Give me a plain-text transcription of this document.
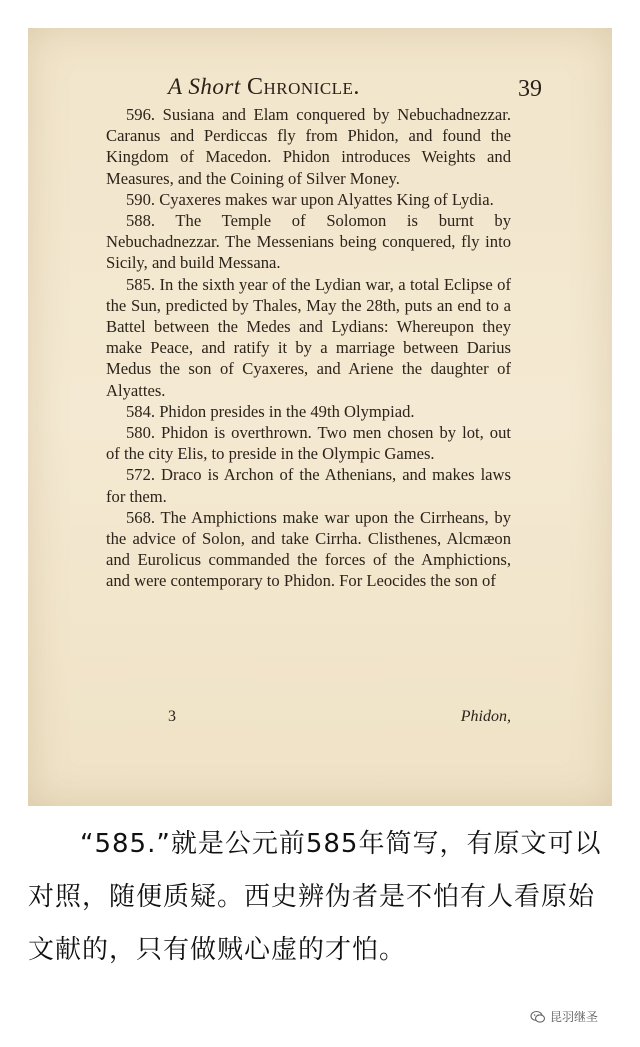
A Short Chronicle.	39

596. Susiana and Elam conquered by Nebuchadnezzar. Caranus and Perdiccas fly from Phidon, and found the Kingdom of Macedon. Phidon introduces Weights and Measures, and the Coining of Silver Money.

590. Cyaxeres makes war upon Alyattes King of Lydia.

588. The Temple of Solomon is burnt by Nebuchadnezzar. The Messenians being conquered, fly into Sicily, and build Messana.

585. In the sixth year of the Lydian war, a total Eclipse of the Sun, predicted by Thales, May the 28th, puts an end to a Battel between the Medes and Lydians: Whereupon they make Peace, and ratify it by a marriage between Darius Medus the son of Cyaxeres, and Ariene the daughter of Alyattes.

584. Phidon presides in the 49th Olympiad.

580. Phidon is overthrown. Two men chosen by lot, out of the city Elis, to preside in the Olympic Games.

572. Draco is Archon of the Athenians, and makes laws for them.

568. The Amphictions make war upon the Cirrheans, by the advice of Solon, and take Cirrha. Clisthenes, Alcmæon and Eurolicus commanded the forces of the Amphictions, and were contemporary to Phidon. For Leocides the son of

3	Phidon,
“585.”就是公元前585年简写，有原文可以对照，随便质疑。西史辨伪者是不怕有人看原始文献的，只有做贼心虚的才怕。
昆羽继圣
